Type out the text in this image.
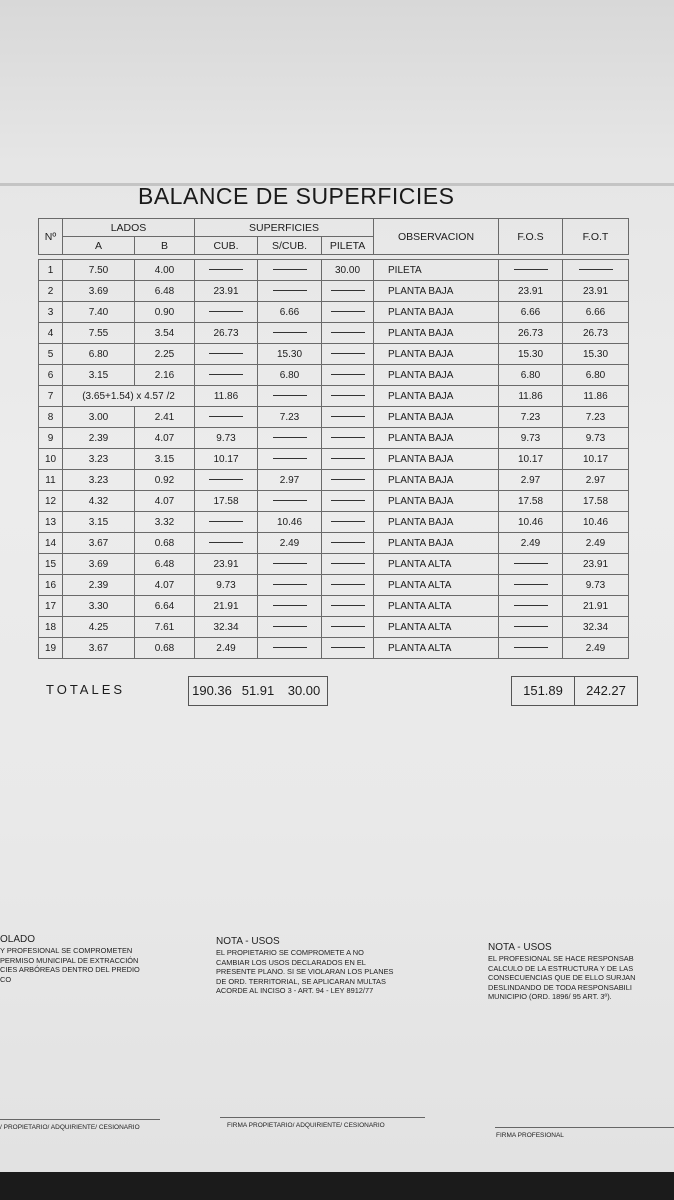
BALANCE DE SUPERFICIES
Nº	LADOS		SUPERFICIES			OBSERVACION	F.O.S	F.O.T
	A	B	CUB.	S/CUB.	PILETA			

1	7.50	4.00			30.00	PILETA		
2	3.69	6.48	23.91			PLANTA BAJA	23.91	23.91
3	7.40	0.90		6.66		PLANTA BAJA	6.66	6.66
4	7.55	3.54	26.73			PLANTA BAJA	26.73	26.73
5	6.80	2.25		15.30		PLANTA BAJA	15.30	15.30
6	3.15	2.16		6.80		PLANTA BAJA	6.80	6.80
7	(3.65+1.54) x 4.57 /2		11.86			PLANTA BAJA	11.86	11.86
8	3.00	2.41		7.23		PLANTA BAJA	7.23	7.23
9	2.39	4.07	9.73			PLANTA BAJA	9.73	9.73
10	3.23	3.15	10.17			PLANTA BAJA	10.17	10.17
11	3.23	0.92		2.97		PLANTA BAJA	2.97	2.97
12	4.32	4.07	17.58			PLANTA BAJA	17.58	17.58
13	3.15	3.32		10.46		PLANTA BAJA	10.46	10.46
14	3.67	0.68		2.49		PLANTA BAJA	2.49	2.49
15	3.69	6.48	23.91			PLANTA ALTA		23.91
16	2.39	4.07	9.73			PLANTA ALTA		9.73
17	3.30	6.64	21.91			PLANTA ALTA		21.91
18	4.25	7.61	32.34			PLANTA ALTA		32.34
19	3.67	0.68	2.49			PLANTA ALTA		2.49
TOTALES	190.36 51.91	30.00	151.89	242.27
OLADO
Y PROFESIONAL SE COMPROMETEN
PERMISO MUNICIPAL DE EXTRACCIÓN
CIES ARBÓREAS DENTRO DEL PREDIO
CO
NOTA - USOS
EL PROPIETARIO SE COMPROMETE A NO
CAMBIAR LOS USOS DECLARADOS EN EL
PRESENTE PLANO. SI SE VIOLARAN LOS PLANES
DE ORD. TERRITORIAL, SE APLICARAN MULTAS
ACORDE AL INCISO 3 - ART. 94 - LEY 8912/77
NOTA - USOS
EL PROFESIONAL SE HACE RESPONSAB
CALCULO DE LA ESTRUCTURA Y DE LAS
CONSECUENCIAS QUE DE ELLO SURJAN
DESLINDANDO DE TODA RESPONSABILI
MUNICIPIO (ORD. 1896/ 95 ART. 3º).
/ PROPIETARIO/ ADQUIRIENTE/ CESIONARIO	FIRMA PROPIETARIO/ ADQUIRIENTE/ CESIONARIO
FIRMA PROFESIONAL
